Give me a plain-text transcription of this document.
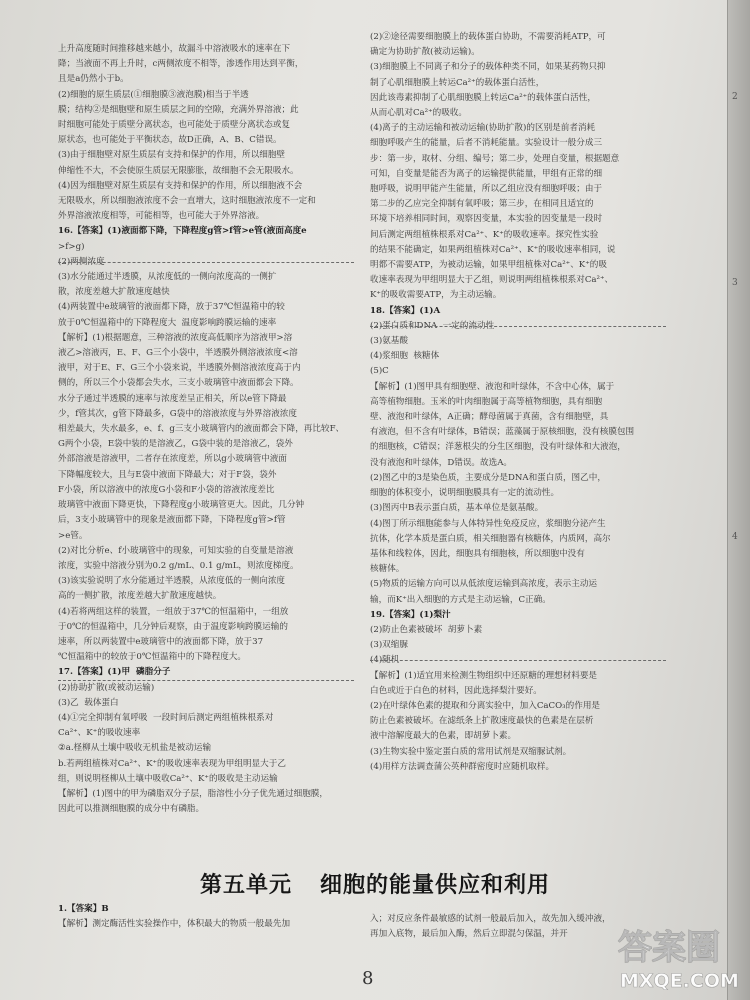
上升高度随时间推移越来越小，故漏斗中溶液吸水的速率在下

降；当液面不再上升时，c两侧浓度不相等，渗透作用达到平衡，

且是a仍然小于b。

(2)细胞的原生质层(①细胞膜③液泡膜)相当于半透

膜；结构②是细胞壁和原生质层之间的空隙，充满外界溶液；此

时细胞可能处于质壁分离状态，也可能处于质壁分离状态或复

原状态，也可能处于平衡状态，故D正确，A、B、C错误。

(3)由于细胞壁对原生质层有支持和保护的作用，所以细胞壁

伸缩性不大，不会使原生质层无限膨胀，故细胞不会无限吸水。

(4)因为细胞壁对原生质层有支持和保护的作用，所以细胞液不会

无限吸水，所以细胞液浓度不会一直增大，这时细胞液浓度不一定和

外界溶液浓度相等，可能相等，也可能大于外界溶液。

16.【答案】(1)液面都下降，下降程度g管>f管>e管(液面高度e

>f>g)

(2)两侧浓度

(3)水分能通过半透膜，从浓度低的一侧向浓度高的一侧扩

散，浓度差越大扩散速度越快

(4)两装置中e玻璃管的液面都下降，放于37℃恒温箱中的较

放于0℃恒温箱中的下降程度大  温度影响跨膜运输的速率

【解析】(1)根据题意，三种溶液的浓度高低顺序为溶液甲>溶

液乙>溶液丙，E、F、G三个小袋中，半透膜外侧溶液浓度<溶

液甲，对于E、F、G三个小袋来说，半透膜外侧溶液浓度高于内

侧的，所以三个小袋都会失水，三支小玻璃管中液面都会下降。

水分子通过半透膜的速率与浓度差呈正相关，所以e管下降最

少，f管其次，g管下降最多，G袋中的溶液浓度与外界溶液浓度

相差最大，失水最多，e、f、g三支小玻璃管内的液面都会下降，再比较F、

G两个小袋，E袋中装的是溶液乙，G袋中装的是溶液乙，袋外

外部溶液是溶液甲，二者存在浓度差，所以g小玻璃管中液面

下降幅度较大，且与E袋中液面下降最大；对于F袋，袋外

F小袋，所以溶液中的浓度G小袋和F小袋的溶液浓度差比

玻璃管中液面下降更快，下降程度g小玻璃管更大。因此，几分钟

后，3支小玻璃管中的现象是液面都下降，下降程度g管>f管

>e管。

(2)对比分析e、f小玻璃管中的现象，可知实验的自变量是溶液

浓度，实验中溶液分别为0.2 g/mL、0.1 g/mL，则浓度梯度。

(3)该实验说明了水分能通过半透膜，从浓度低的一侧向浓度

高的一侧扩散，浓度差越大扩散速度越快。

(4)若将两组这样的装置，一组放于37℃的恒温箱中，一组放

于0℃的恒温箱中，几分钟后观察，由于温度影响跨膜运输的

速率，所以两装置中e玻璃管中的液面都下降，放于37

℃恒温箱中的较放于0℃恒温箱中的下降程度大。

17.【答案】(1)甲  磷脂分子

(2)协助扩散(或被动运输)

(3)乙  载体蛋白

(4)①完全抑制有氧呼吸  一段时间后测定两组植株根系对

Ca²⁺、K⁺的吸收速率

②a.柽柳从土壤中吸收无机盐是被动运输

b.若两组植株对Ca²⁺、K⁺的吸收速率表现为甲组明显大于乙

组，则说明柽柳从土壤中吸收Ca²⁺、K⁺的吸收是主动运输

【解析】(1)图中的甲为磷脂双分子层，脂溶性小分子优先通过细胞膜，

因此可以推测细胞膜的成分中有磷脂。

(2)②途径需要细胞膜上的载体蛋白协助，不需要消耗ATP，可

确定为协助扩散(被动运输)。

(3)细胞膜上不同离子和分子的载体种类不同，如果某药物只抑

制了心肌细胞膜上转运Ca²⁺的载体蛋白活性，

因此该毒素抑制了心肌细胞膜上转运Ca²⁺的载体蛋白活性，

从而心肌对Ca²⁺的吸收。

(4)离子的主动运输和被动运输(协助扩散)的区别是前者消耗

细胞呼吸产生的能量，后者不消耗能量。实验设计一般分成三

步：第一步，取材、分组、编号；第二步，处理自变量，根据题意

可知，自变量是能否为离子的运输提供能量，甲组有正常的细

胞呼吸，说明甲能产生能量，所以乙组应没有细胞呼吸；由于

第二步的乙应完全抑制有氧呼吸；第三步，在相同且适宜的

环境下培养相同时间，观察因变量，本实验的因变量是一段时

间后测定两组植株根系对Ca²⁺、K⁺的吸收速率。探究性实验

的结果不能确定，如果两组植株对Ca²⁺、K⁺的吸收速率相同，说

明都不需要ATP，为被动运输，如果甲组植株对Ca²⁺、K⁺的吸

收速率表现为甲组明显大于乙组，则说明两组植株根系对Ca²⁺、

K⁺的吸收需要ATP，为主动运输。

18.【答案】(1)A

(2)蛋白质和DNA  一定的流动性

(3)氨基酸

(4)浆细胞  核糖体

(5)C

【解析】(1)图甲具有细胞壁、液泡和叶绿体，不含中心体，属于

高等植物细胞。玉米的叶肉细胞属于高等植物细胞，具有细胞

壁、液泡和叶绿体，A正确；酵母菌属于真菌，含有细胞壁，具

有液泡，但不含有叶绿体，B错误；蓝藻属于原核细胞，没有核膜包围

的细胞核，C错误；洋葱根尖的分生区细胞，没有叶绿体和大液泡，

没有液泡和叶绿体，D错误。故选A。

(2)图乙中的3是染色质，主要成分是DNA和蛋白质，图乙中，

细胞的体积变小，说明细胞膜具有一定的流动性。

(3)图丙中B表示蛋白质，基本单位是氨基酸。

(4)图丁所示细胞能参与人体特异性免疫反应，浆细胞分泌产生

抗体，化学本质是蛋白质，相关细胞器有核糖体，内质网，高尔

基体和线粒体，因此，细胞具有细胞核，所以细胞中没有

核糖体。

(5)物质的运输方向可以从低浓度运输到高浓度，表示主动运

输，而K⁺出入细胞的方式是主动运输，C正确。

19.【答案】(1)梨汁

(2)防止色素被破坏  胡萝卜素

(3)双缩脲

(4)随机

【解析】(1)适宜用来检测生物组织中还原糖的理想材料要是

白色或近于白色的材料，因此选择梨汁要好。

(2)在叶绿体色素的提取和分离实验中，加入CaCO₃的作用是

防止色素被破坏。在滤纸条上扩散速度最快的色素是在层析

液中溶解度最大的色素，即胡萝卜素。

(3)生物实验中鉴定蛋白质的常用试剂是双缩脲试剂。

(4)用样方法调查蒲公英种群密度时应随机取样。

第五单元 细胞的能量供应和利用

1.【答案】B

【解析】测定酶活性实验操作中，体积最大的物质一般最先加

入；对反应条件最敏感的试剂一般最后加入，故先加入缓冲液，

再加入底物，最后加入酶，然后立即混匀保温，并开

8
2
3
4
答案圈
MXQE.COM
